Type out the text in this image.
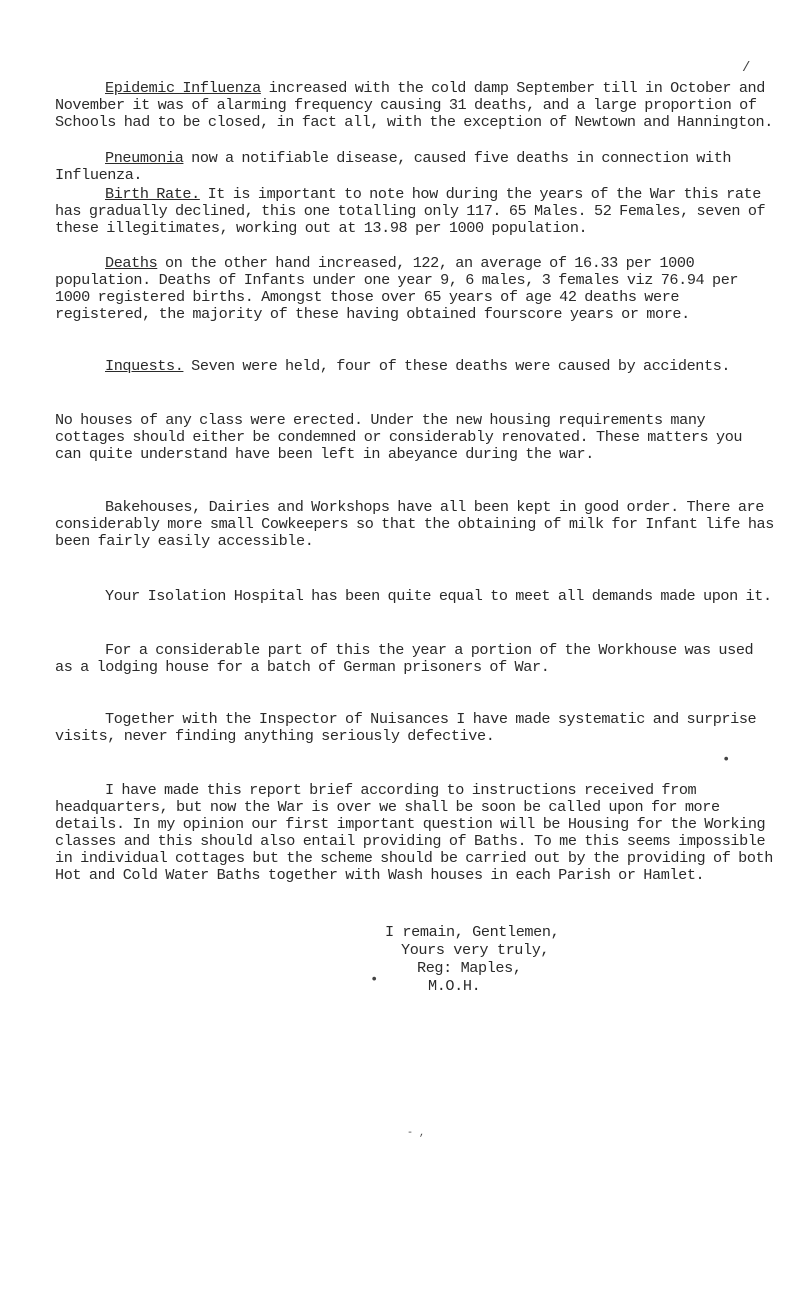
/

Epidemic Influenza increased with the cold damp September till in October and November it was of alarming frequency causing 31 deaths, and a large proportion of Schools had to be closed, in fact all, with the exception of Newtown and Hannington.

Pneumonia now a notifiable disease, caused five deaths in connection with Influenza.

Birth Rate. It is important to note how during the years of the War this rate has gradually declined, this one totalling only 117. 65 Males. 52 Females, seven of these illegitimates, working out at 13.98 per 1000 population.

Deaths on the other hand increased, 122, an average of 16.33 per 1000 population. Deaths of Infants under one year 9, 6 males, 3 females viz 76.94 per 1000 registered births. Amongst those over 65 years of age 42 deaths were registered, the majority of these having obtained fourscore years or more.

Inquests. Seven were held, four of these deaths were caused by accidents.

No houses of any class were erected. Under the new housing requirements many cottages should either be condemned or considerably renovated. These matters you can quite understand have been left in abeyance during the war.

Bakehouses, Dairies and Workshops have all been kept in good order. There are considerably more small Cowkeepers so that the obtaining of milk for Infant life has been fairly easily accessible.

Your Isolation Hospital has been quite equal to meet all demands made upon it.

For a considerable part of this the year a portion of the Workhouse was used as a lodging house for a batch of German prisoners of War.

Together with the Inspector of Nuisances I have made systematic and surprise visits, never finding anything seriously defective.

•

I have made this report brief according to instructions received from headquarters, but now the War is over we shall be soon be called upon for more details. In my opinion our first important question will be Housing for the Working classes and this should also entail providing of Baths. To me this seems impossible in individual cottages but the scheme should be carried out by the providing of both Hot and Cold Water Baths together with Wash houses in each Parish or Hamlet.

I remain, Gentlemen,

Yours very truly,

Reg: Maples,

M.O.H.

•
- ,
